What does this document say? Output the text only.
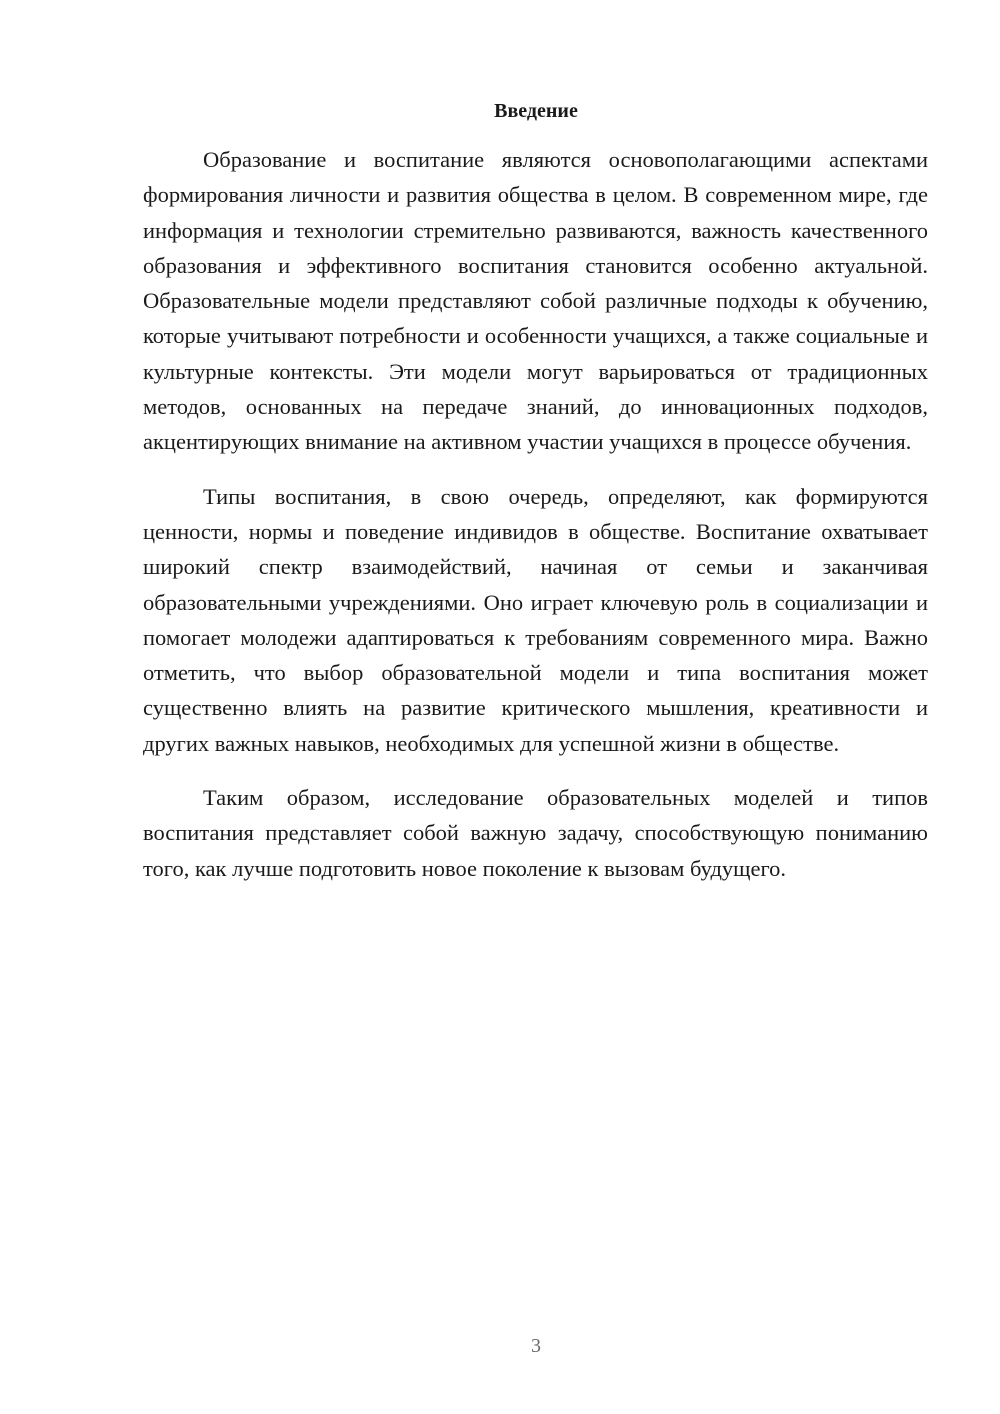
Введение

Образование и воспитание являются основополагающими аспектами формирования личности и развития общества в целом. В современном мире, где информация и технологии стремительно развиваются, важность качественного образования и эффективного воспитания становится особенно актуальной. Образовательные модели представляют собой различные подходы к обучению, которые учитывают потребности и особенности учащихся, а также социальные и культурные контексты. Эти модели могут варьироваться от традиционных методов, основанных на передаче знаний, до инновационных подходов, акцентирующих внимание на активном участии учащихся в процессе обучения.

Типы воспитания, в свою очередь, определяют, как формируются ценности, нормы и поведение индивидов в обществе. Воспитание охватывает широкий спектр взаимодействий, начиная от семьи и заканчивая образовательными учреждениями. Оно играет ключевую роль в социализации и помогает молодежи адаптироваться к требованиям современного мира. Важно отметить, что выбор образовательной модели и типа воспитания может существенно влиять на развитие критического мышления, креативности и других важных навыков, необходимых для успешной жизни в обществе.

Таким образом, исследование образовательных моделей и типов воспитания представляет собой важную задачу, способствующую пониманию того, как лучше подготовить новое поколение к вызовам будущего.

3
